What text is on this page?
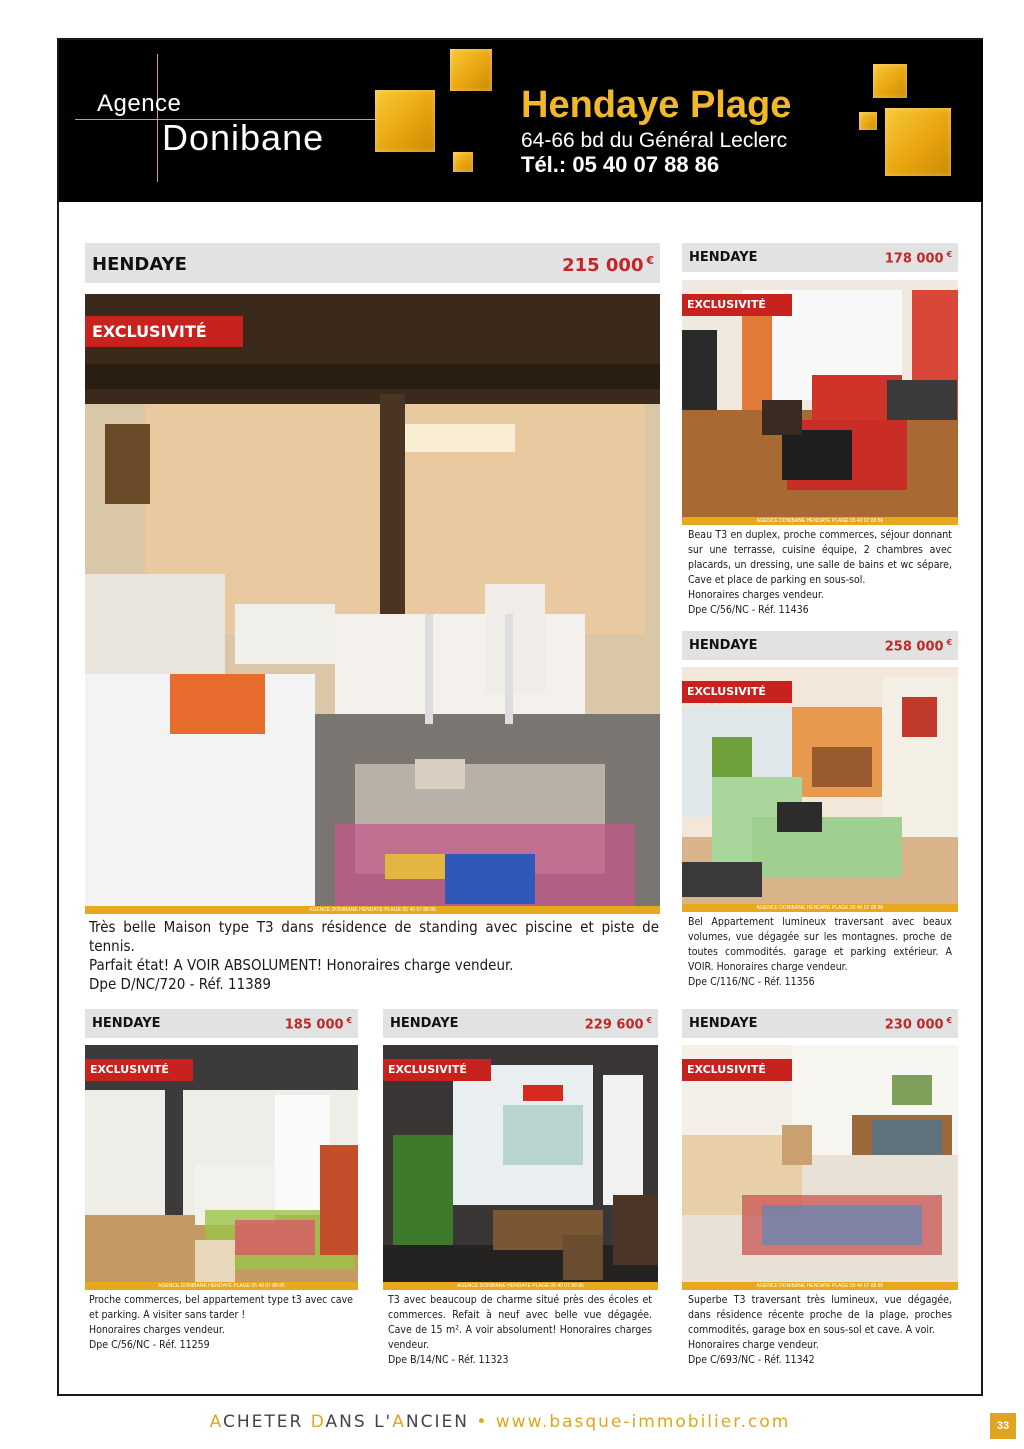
Agence
Donibane
Hendaye Plage
64-66 bd du Général Leclerc
Tél.: 05 40 07 88 86
HENDAYE	215 000 €
EXCLUSIVITÉ
AGENCE DONIBANE HENDAYE PLAGE 05 40 07 88 86

Très belle Maison type T3 dans résidence de standing avec piscine et piste de tennis.

Parfait état! A VOIR ABSOLUMENT! Honoraires charge vendeur.

Dpe D/NC/720 - Réf. 11389

HENDAYE	178 000 €
EXCLUSIVITÉ
AGENCE DONIBANE HENDAYE PLAGE 05 40 07 88 86

Beau T3 en duplex, proche commerces, séjour donnant sur une terrasse, cuisine équipe, 2 chambres avec placards, un dressing, une salle de bains et wc sépare, Cave et place de parking en sous-sol.

Honoraires charges vendeur.

Dpe C/56/NC - Réf. 11436

HENDAYE	258 000 €
EXCLUSIVITÉ
AGENCE DONIBANE HENDAYE PLAGE 05 40 07 88 86

Bel Appartement lumineux traversant avec beaux volumes, vue dégagée sur les montagnes. proche de toutes commodités. garage et parking extérieur. A VOIR. Honoraires charge vendeur.

Dpe C/116/NC - Réf. 11356

HENDAYE	185 000 €
EXCLUSIVITÉ
AGENCE DONIBANE HENDAYE PLAGE 05 40 07 88 86

Proche commerces, bel appartement type t3 avec cave et parking. A visiter sans tarder !

Honoraires charges vendeur.

Dpe C/56/NC - Réf. 11259

HENDAYE	229 600 €
EXCLUSIVITÉ
AGENCE DONIBANE HENDAYE PLAGE 05 40 07 88 86

T3 avec beaucoup de charme situé près des écoles et commerces. Refait à neuf avec belle vue dégagée. Cave de 15 m². A voir absolument! Honoraires charges vendeur.

Dpe B/14/NC - Réf. 11323

HENDAYE	230 000 €
EXCLUSIVITÉ
AGENCE DONIBANE HENDAYE PLAGE 05 40 07 88 86

Superbe T3 traversant très lumineux, vue dégagée, dans résidence récente proche de la plage, proches commodités, garage box en sous-sol et cave. A voir.

Honoraires charge vendeur.

Dpe C/693/NC - Réf. 11342

ACHETER DANS L'ANCIEN • www.basque-immobilier.com	33
